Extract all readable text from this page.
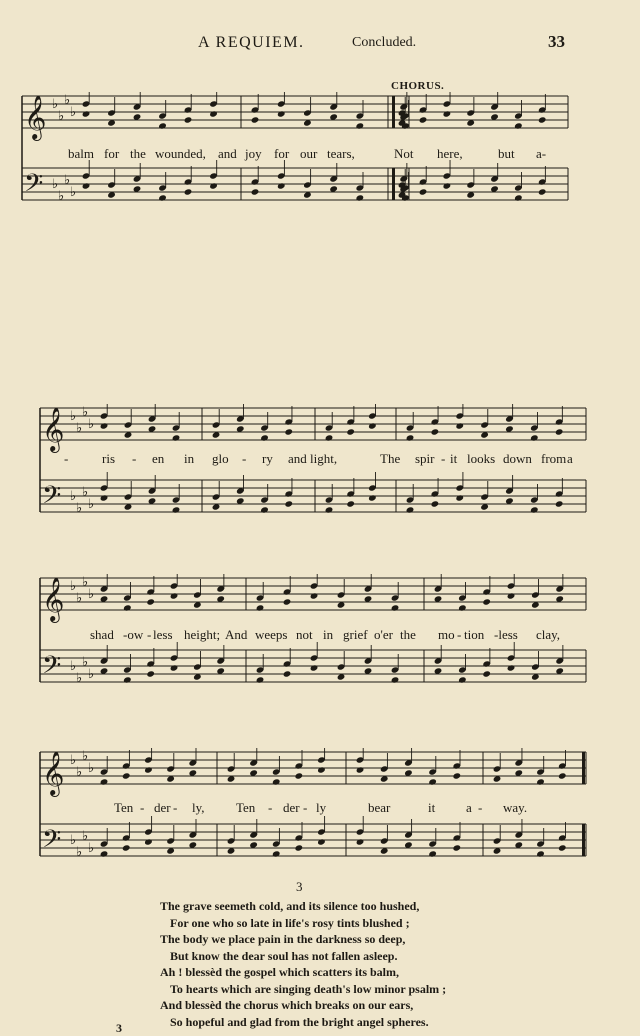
A REQUIEM.	Concluded.	33
CHORUS.
𝄞 ♭
♭
♭
♭
𝄢 ♭
♭
♭
♭
balm for the wounded, and joy for our tears,	Not here,	but a-
𝄞 ♭
♭
♭
♭
𝄢 ♭
♭
♭
♭
-	ris - en in glo - ry and light,	The spir - it looks down from a
𝄞 ♭
♭
♭
♭
𝄢 ♭
♭
♭
♭
shad -ow - less height; And weeps not in grief o'er the mo - tion -less clay,
𝄞 ♭
♭
♭
♭
𝄢 ♭
♭
♭
♭
Ten - der - ly, Ten - der - ly	bear	it a - way.
3
The grave seemeth cold, and its silence too hushed,
For one who so late in life's rosy tints blushed ;
The body we place pain in the darkness so deep,
But know the dear soul has not fallen asleep.
Ah ! blessèd the gospel which scatters its balm,
To hearts which are singing death's low minor psalm ;
And blessèd the chorus which breaks on our ears,
So hopeful and glad from the bright angel spheres.
3
